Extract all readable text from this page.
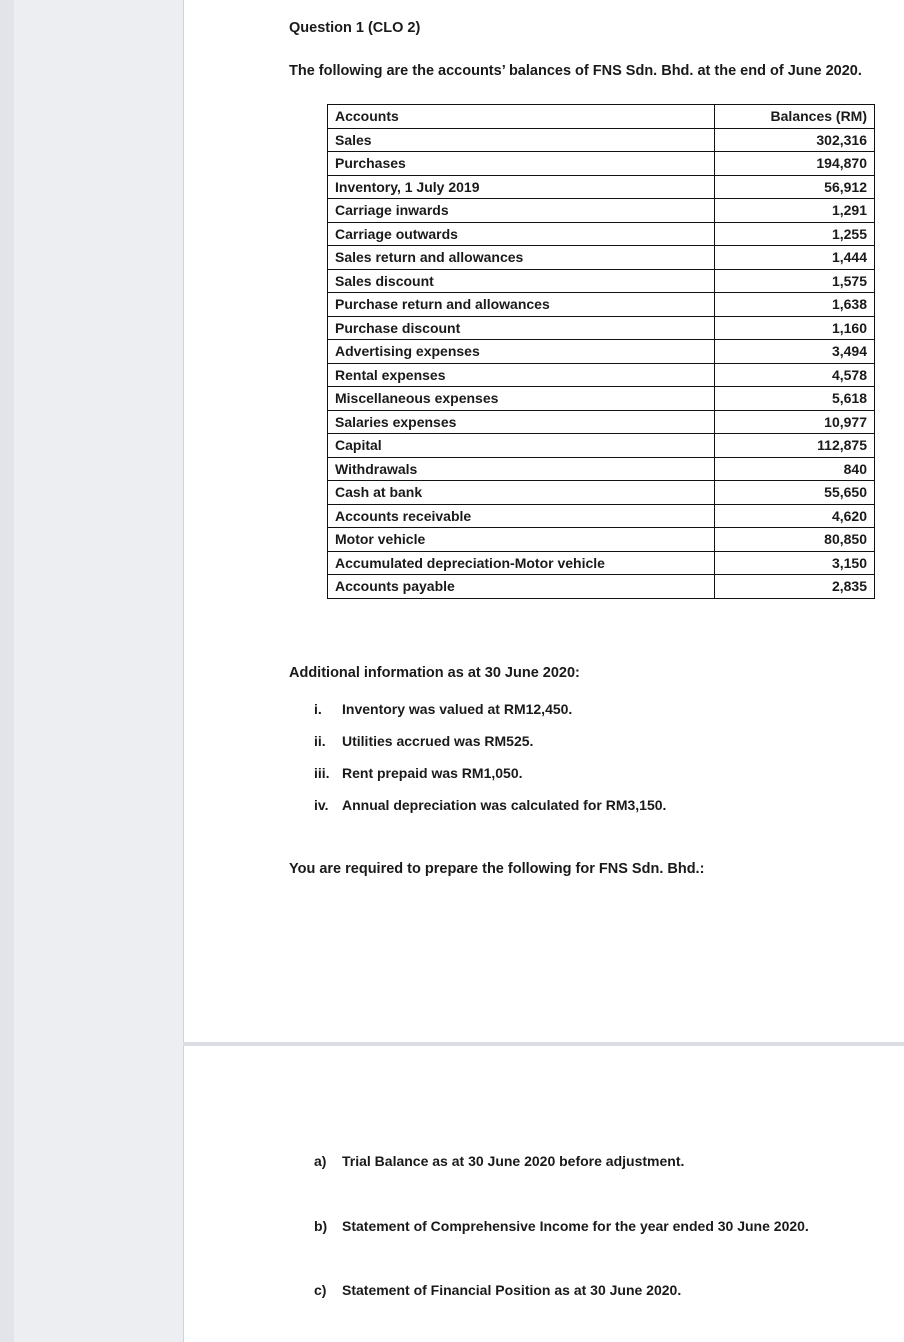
Question 1 (CLO 2)
The following are the accounts’ balances of FNS Sdn. Bhd. at the end of June 2020.
Accounts	Balances (RM)
Sales	302,316
Purchases	194,870
Inventory, 1 July 2019	56,912
Carriage inwards	1,291
Carriage outwards	1,255
Sales return and allowances	1,444
Sales discount	1,575
Purchase return and allowances	1,638
Purchase discount	1,160
Advertising expenses	3,494
Rental expenses	4,578
Miscellaneous expenses	5,618
Salaries expenses	10,977
Capital	112,875
Withdrawals	840
Cash at bank	55,650
Accounts receivable	4,620
Motor vehicle	80,850
Accumulated depreciation-Motor vehicle	3,150
Accounts payable	2,835
Additional information as at 30 June 2020:
i. Inventory was valued at RM12,450.
ii. Utilities accrued was RM525.
iii. Rent prepaid was RM1,050.
iv. Annual depreciation was calculated for RM3,150.
You are required to prepare the following for FNS Sdn. Bhd.:
a) Trial Balance as at 30 June 2020 before adjustment.
b) Statement of Comprehensive Income for the year ended 30 June 2020.
c) Statement of Financial Position as at 30 June 2020.
